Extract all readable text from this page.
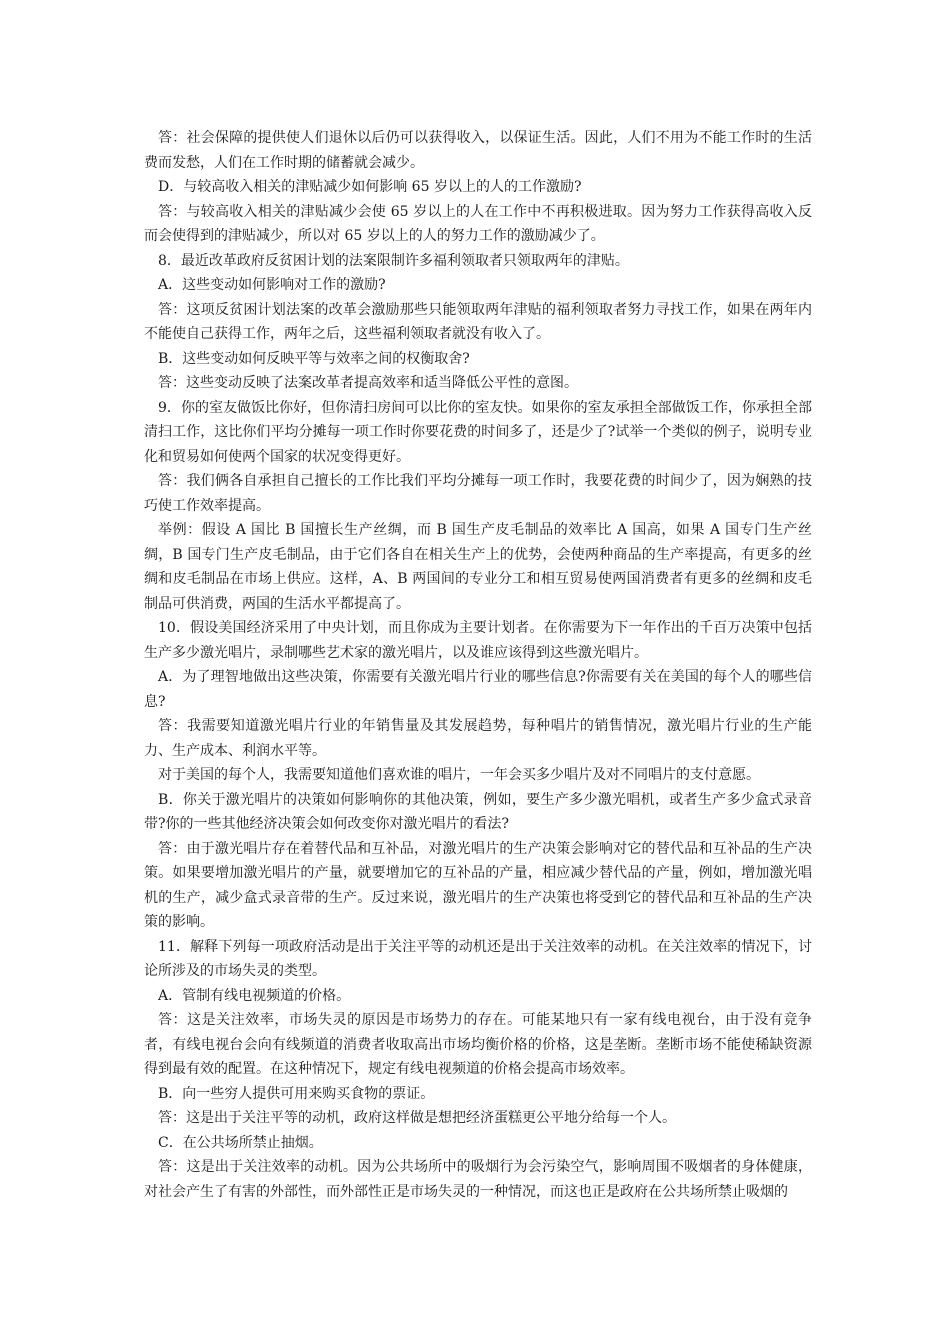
答：社会保障的提供使人们退休以后仍可以获得收入，以保证生活。因此，人们不用为不能工作时的生活费而发愁，人们在工作时期的储蓄就会减少。

D．与较高收入相关的津贴减少如何影响 65 岁以上的人的工作激励?

答：与较高收入相关的津贴减少会使 65 岁以上的人在工作中不再积极进取。因为努力工作获得高收入反而会使得到的津贴减少，所以对 65 岁以上的人的努力工作的激励减少了。

8．最近改革政府反贫困计划的法案限制许多福利领取者只领取两年的津贴。

A．这些变动如何影响对工作的激励?

答：这项反贫困计划法案的改革会激励那些只能领取两年津贴的福利领取者努力寻找工作，如果在两年内不能使自己获得工作，两年之后，这些福利领取者就没有收入了。

B．这些变动如何反映平等与效率之间的权衡取舍?

答：这些变动反映了法案改革者提高效率和适当降低公平性的意图。

9．你的室友做饭比你好，但你清扫房间可以比你的室友快。如果你的室友承担全部做饭工作，你承担全部清扫工作，这比你们平均分摊每一项工作时你要花费的时间多了，还是少了?试举一个类似的例子，说明专业化和贸易如何使两个国家的状况变得更好。

答：我们俩各自承担自己擅长的工作比我们平均分摊每一项工作时，我要花费的时间少了，因为娴熟的技巧使工作效率提高。

举例：假设 A 国比 B 国擅长生产丝绸，而 B 国生产皮毛制品的效率比 A 国高，如果 A 国专门生产丝绸，B 国专门生产皮毛制品，由于它们各自在相关生产上的优势，会使两种商品的生产率提高，有更多的丝绸和皮毛制品在市场上供应。这样，A、B 两国间的专业分工和相互贸易使两国消费者有更多的丝绸和皮毛制品可供消费，两国的生活水平都提高了。

10．假设美国经济采用了中央计划，而且你成为主要计划者。在你需要为下一年作出的千百万决策中包括生产多少激光唱片，录制哪些艺术家的激光唱片，以及谁应该得到这些激光唱片。

A．为了理智地做出这些决策，你需要有关激光唱片行业的哪些信息?你需要有关在美国的每个人的哪些信息?

答：我需要知道激光唱片行业的年销售量及其发展趋势，每种唱片的销售情况，激光唱片行业的生产能力、生产成本、利润水平等。

对于美国的每个人，我需要知道他们喜欢谁的唱片，一年会买多少唱片及对不同唱片的支付意愿。

B．你关于激光唱片的决策如何影响你的其他决策，例如，要生产多少激光唱机，或者生产多少盒式录音带?你的一些其他经济决策会如何改变你对激光唱片的看法?

答：由于激光唱片存在着替代品和互补品，对激光唱片的生产决策会影响对它的替代品和互补品的生产决策。如果要增加激光唱片的产量，就要增加它的互补品的产量，相应减少替代品的产量，例如，增加激光唱机的生产，减少盒式录音带的生产。反过来说，激光唱片的生产决策也将受到它的替代品和互补品的生产决策的影响。

11．解释下列每一项政府活动是出于关注平等的动机还是出于关注效率的动机。在关注效率的情况下，讨论所涉及的市场失灵的类型。

A．管制有线电视频道的价格。

答：这是关注效率，市场失灵的原因是市场势力的存在。可能某地只有一家有线电视台，由于没有竞争者，有线电视台会向有线频道的消费者收取高出市场均衡价格的价格，这是垄断。垄断市场不能使稀缺资源得到最有效的配置。在这种情况下，规定有线电视频道的价格会提高市场效率。

B．向一些穷人提供可用来购买食物的票证。

答：这是出于关注平等的动机，政府这样做是想把经济蛋糕更公平地分给每一个人。

C．在公共场所禁止抽烟。

答：这是出于关注效率的动机。因为公共场所中的吸烟行为会污染空气，影响周围不吸烟者的身体健康，对社会产生了有害的外部性，而外部性正是市场失灵的一种情况，而这也正是政府在公共场所禁止吸烟的
